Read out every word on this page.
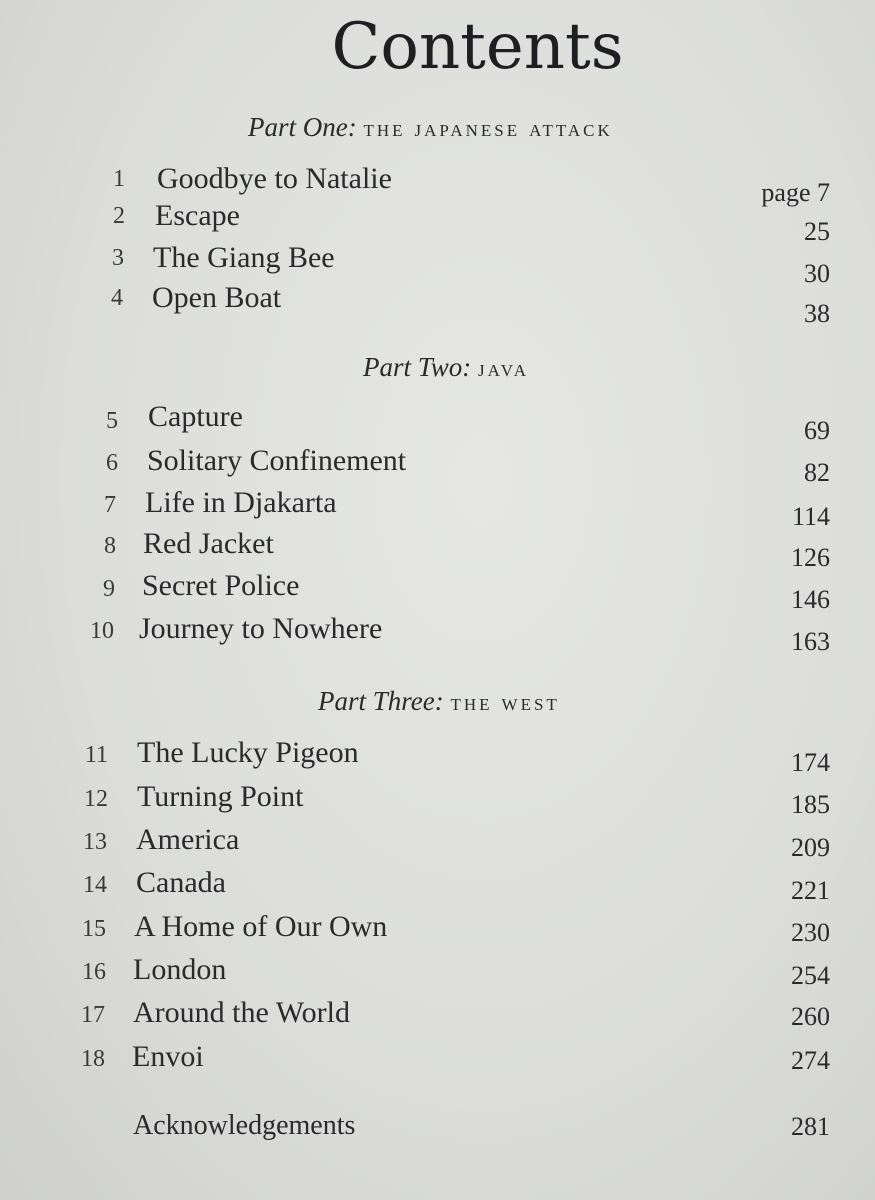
Contents
Part One: the japanese attack
1 Goodbye to Natalie	page 7
2 Escape	25
3 The Giang Bee	30
4 Open Boat	38
Part Two: java
5 Capture	69
6 Solitary Confinement	82
7 Life in Djakarta	114
8 Red Jacket	126
9 Secret Police	146
10 Journey to Nowhere	163
Part Three: the west
11 The Lucky Pigeon	174
12 Turning Point	185
13 America	209
14 Canada	221
15 A Home of Our Own	230
16 London	254
17 Around the World	260
18 Envoi	274
Acknowledgements	281
